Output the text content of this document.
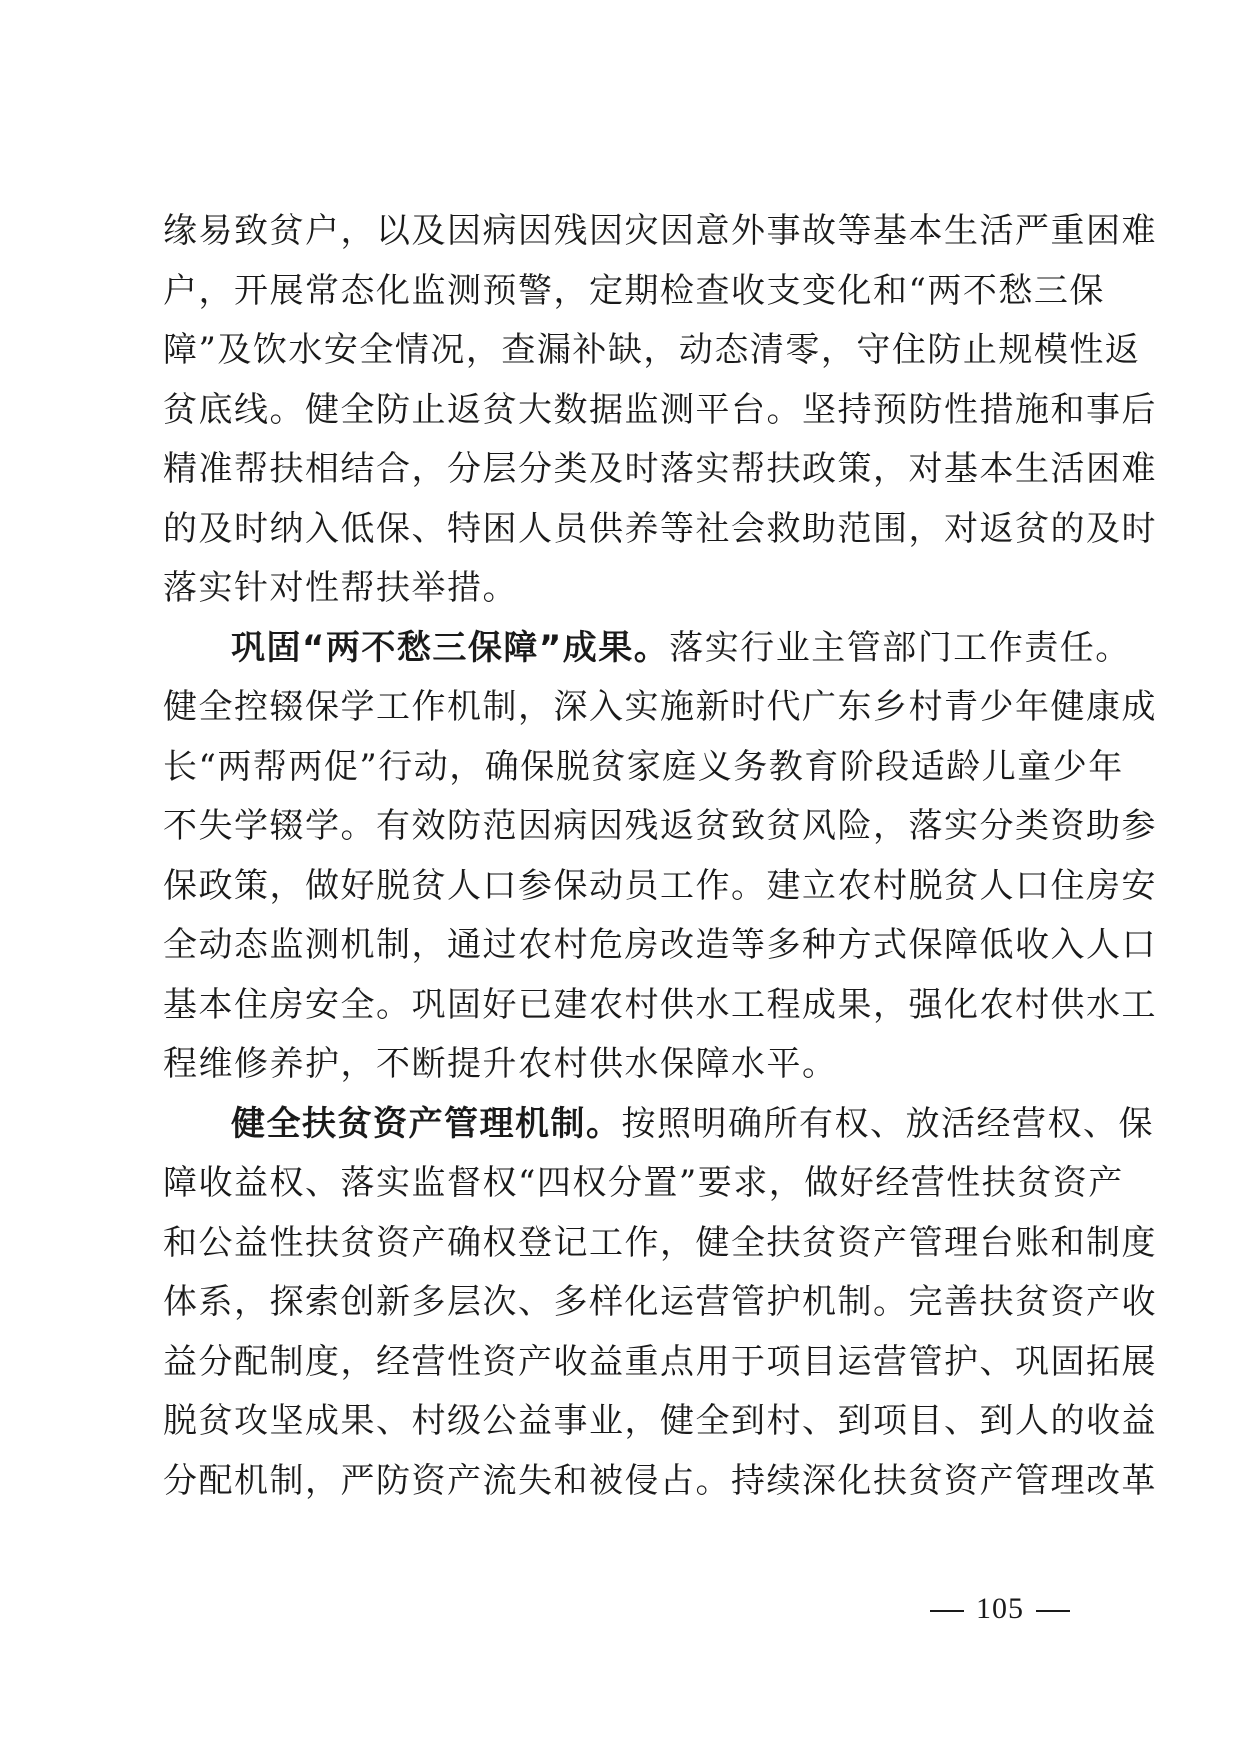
缘易致贫户，以及因病因残因灾因意外事故等基本生活严重困难
户，开展常态化监测预警，定期检查收支变化和“两不愁三保
障”及饮水安全情况，查漏补缺，动态清零，守住防止规模性返
贫底线。健全防止返贫大数据监测平台。坚持预防性措施和事后
精准帮扶相结合，分层分类及时落实帮扶政策，对基本生活困难
的及时纳入低保、特困人员供养等社会救助范围，对返贫的及时
落实针对性帮扶举措。

巩固“两不愁三保障”成果。落实行业主管部门工作责任。
健全控辍保学工作机制，深入实施新时代广东乡村青少年健康成
长“两帮两促”行动，确保脱贫家庭义务教育阶段适龄儿童少年
不失学辍学。有效防范因病因残返贫致贫风险，落实分类资助参
保政策，做好脱贫人口参保动员工作。建立农村脱贫人口住房安
全动态监测机制，通过农村危房改造等多种方式保障低收入人口
基本住房安全。巩固好已建农村供水工程成果，强化农村供水工
程维修养护，不断提升农村供水保障水平。

健全扶贫资产管理机制。按照明确所有权、放活经营权、保
障收益权、落实监督权“四权分置”要求，做好经营性扶贫资产
和公益性扶贫资产确权登记工作，健全扶贫资产管理台账和制度
体系，探索创新多层次、多样化运营管护机制。完善扶贫资产收
益分配制度，经营性资产收益重点用于项目运营管护、巩固拓展
脱贫攻坚成果、村级公益事业，健全到村、到项目、到人的收益
分配机制，严防资产流失和被侵占。持续深化扶贫资产管理改革

105
